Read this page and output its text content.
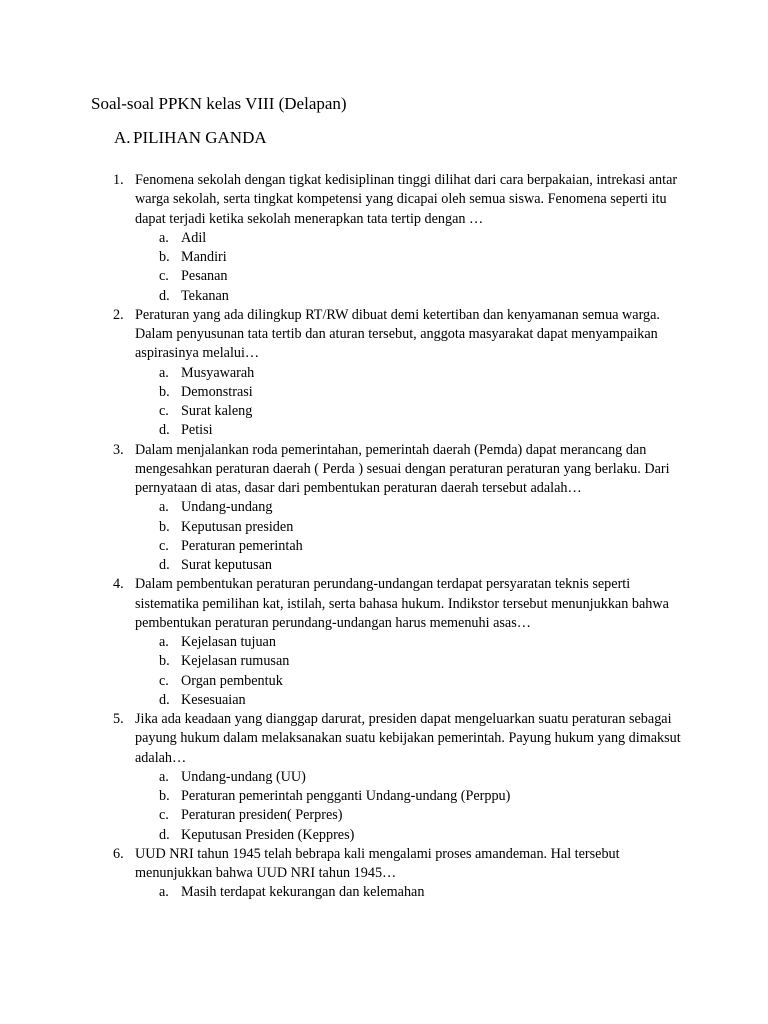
Soal-soal PPKN kelas VIII (Delapan)
A. PILIHAN GANDA
1. Fenomena sekolah dengan tigkat kedisiplinan tinggi dilihat dari cara berpakaian, intrekasi antar warga sekolah, serta tingkat kompetensi yang dicapai oleh semua siswa. Fenomena seperti itu dapat terjadi ketika sekolah menerapkan tata tertip dengan …
a. Adil
b. Mandiri
c. Pesanan
d. Tekanan
2. Peraturan yang ada dilingkup RT/RW dibuat demi ketertiban dan kenyamanan semua warga. Dalam penyusunan tata tertib dan aturan tersebut, anggota masyarakat dapat menyampaikan aspirasinya melalui…
a. Musyawarah
b. Demonstrasi
c. Surat kaleng
d. Petisi
3. Dalam menjalankan roda pemerintahan, pemerintah daerah (Pemda) dapat merancang dan mengesahkan peraturan daerah ( Perda ) sesuai dengan peraturan peraturan yang berlaku. Dari pernyataan di atas, dasar dari pembentukan peraturan daerah tersebut adalah…
a. Undang-undang
b. Keputusan presiden
c. Peraturan pemerintah
d. Surat keputusan
4. Dalam pembentukan peraturan perundang-undangan terdapat persyaratan teknis seperti sistematika pemilihan kat, istilah, serta bahasa hukum. Indikstor tersebut menunjukkan bahwa pembentukan peraturan perundang-undangan harus memenuhi asas…
a. Kejelasan tujuan
b. Kejelasan rumusan
c. Organ pembentuk
d. Kesesuaian
5. Jika ada keadaan yang dianggap darurat, presiden dapat mengeluarkan suatu peraturan sebagai payung hukum dalam melaksanakan suatu kebijakan pemerintah. Payung hukum yang dimaksut adalah…
a. Undang-undang (UU)
b. Peraturan pemerintah pengganti Undang-undang (Perppu)
c. Peraturan presiden( Perpres)
d. Keputusan Presiden (Keppres)
6. UUD NRI tahun 1945 telah bebrapa kali mengalami proses amandeman. Hal tersebut menunjukkan bahwa UUD NRI tahun 1945…
a. Masih terdapat kekurangan dan kelemahan
